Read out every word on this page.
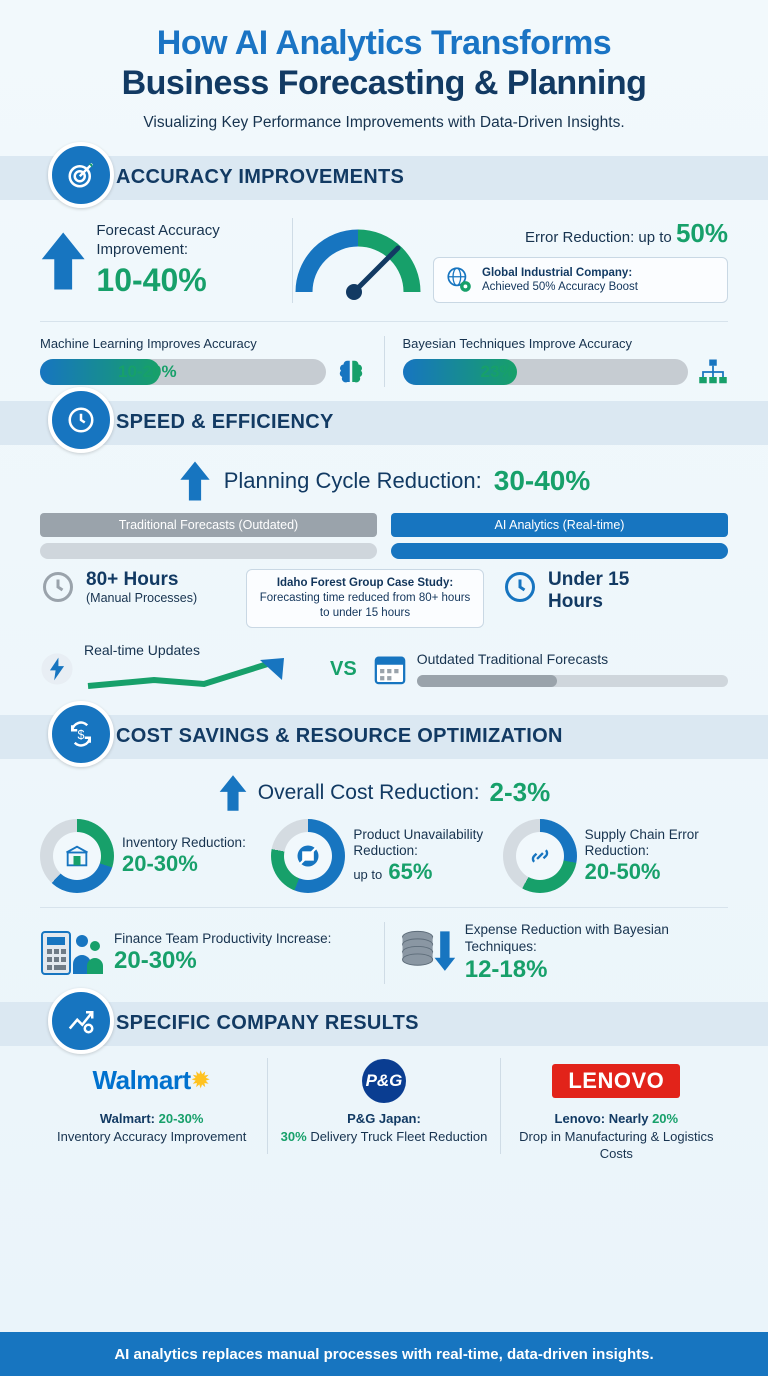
How AI Analytics Transforms
Business Forecasting & Planning
Visualizing Key Performance Improvements with Data-Driven Insights.
ACCURACY IMPROVEMENTS
Forecast Accuracy Improvement:
10-40%
Error Reduction: up to 50%
Global Industrial Company:
Achieved 50% Accuracy Boost
Machine Learning Improves Accuracy
10-20%
Bayesian Techniques Improve Accuracy
23%
SPEED & EFFICIENCY
Planning Cycle Reduction: 30-40%
Traditional Forecasts (Outdated)	AI Analytics (Real-time)
80+ Hours
(Manual Processes)
Idaho Forest Group Case Study:
Forecasting time reduced from 80+ hours to under 15 hours
Under 15
Hours
Real-time Updates
VS	Outdated Traditional Forecasts
$ COST SAVINGS & RESOURCE OPTIMIZATION
Overall Cost Reduction: 2-3%
Inventory Reduction:
20-30%
Product Unavailability Reduction:
up to 65%
Supply Chain Error Reduction:
20-50%
Finance Team Productivity Increase:
20-30%
Expense Reduction with Bayesian Techniques:
12-18%
SPECIFIC COMPANY RESULTS
Walmart ✹
Walmart: 20-30%
Inventory Accuracy Improvement
P&G
P&G Japan:
30% Delivery Truck Fleet Reduction
LENOVO
Lenovo: Nearly 20%
Drop in Manufacturing & Logistics Costs
AI analytics replaces manual processes with real-time, data-driven insights.
